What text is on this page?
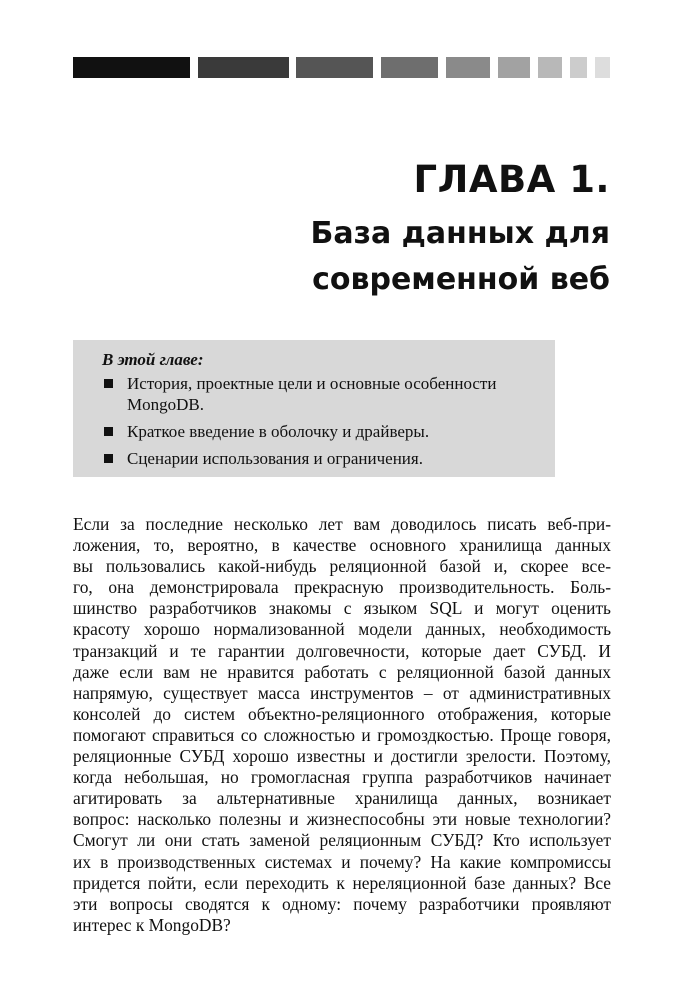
ГЛАВА 1.
База данных для
современной веб

В этой главе:

История, проектные цели и основные особенности
MongoDB.
Краткое введение в оболочку и драйверы.
Сценарии использования и ограничения.

Если за последние несколько лет вам доводилось писать веб-при-
ложения, то, вероятно, в качестве основного хранилища данных
вы пользовались какой-нибудь реляционной базой и, скорее все-
го, она демонстрировала прекрасную производительность. Боль-
шинство разработчиков знакомы с языком SQL и могут оценить
красоту хорошо нормализованной модели данных, необходимость
транзакций и те гарантии долговечности, которые дает СУБД. И
даже если вам не нравится работать с реляционной базой данных
напрямую, существует масса инструментов – от административных
консолей до систем объектно-реляционного отображения, которые
помогают справиться со сложностью и громоздкостью. Проще говоря,
реляционные СУБД хорошо известны и достигли зрелости. Поэтому,
когда небольшая, но громогласная группа разработчиков начинает
агитировать за альтернативные хранилища данных, возникает
вопрос: насколько полезны и жизнеспособны эти новые технологии?
Смогут ли они стать заменой реляционным СУБД? Кто использует
их в производственных системах и почему? На какие компромиссы
придется пойти, если переходить к нереляционной базе данных? Все
эти вопросы сводятся к одному: почему разработчики проявляют
интерес к MongoDB?
